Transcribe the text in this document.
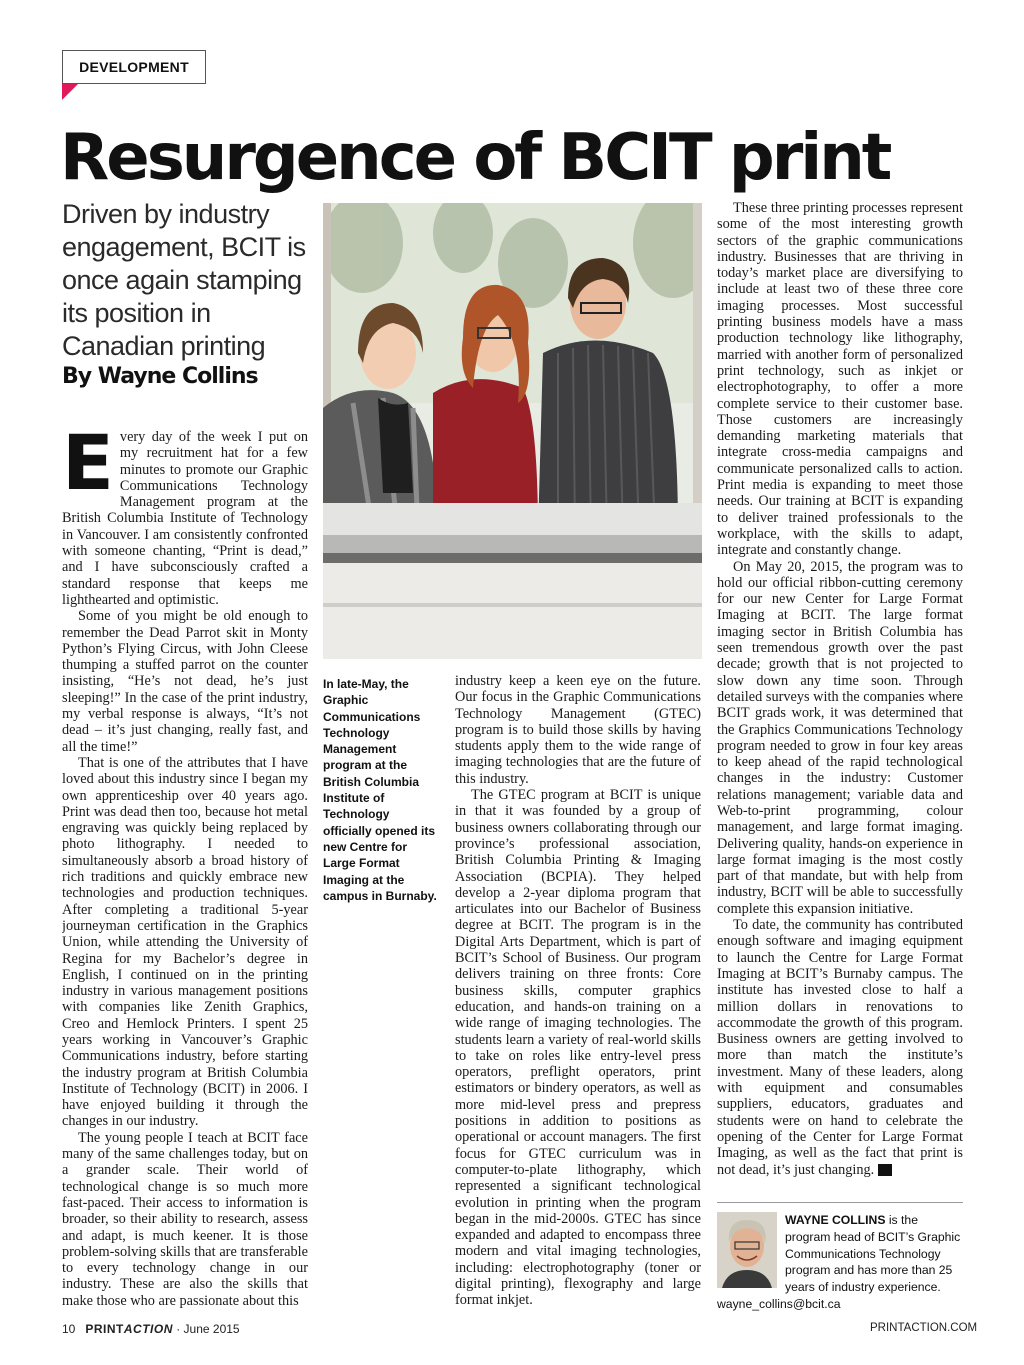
DEVELOPMENT
Resurgence of BCIT print
Driven by industry engagement, BCIT is once again stamping its position in Canadian printing
By Wayne Collins

Every day of the week I put on my recruitment hat for a few minutes to promote our Graphic Communications Technology Management program at the British Columbia Institute of Technology in Vancouver. I am consistently confronted with someone chanting, “Print is dead,” and I have subconsciously crafted a standard response that keeps me lighthearted and optimistic.

Some of you might be old enough to remember the Dead Parrot skit in Monty Python’s Flying Circus, with John Cleese thumping a stuffed parrot on the counter insisting, “He’s not dead, he’s just sleeping!” In the case of the print industry, my verbal response is always, “It’s not dead – it’s just changing, really fast, and all the time!”

That is one of the attributes that I have loved about this industry since I began my own apprenticeship over 40 years ago. Print was dead then too, because hot metal engraving was quickly being replaced by photo lithography. I needed to simultaneously absorb a broad history of rich traditions and quickly embrace new technologies and production techniques. After completing a traditional 5-year journeyman certification in the Graphics Union, while attending the University of Regina for my Bachelor’s degree in English, I continued on in the printing industry in various management positions with companies like Zenith Graphics, Creo and Hemlock Printers. I spent 25 years working in Vancouver’s Graphic Communications industry, before starting the industry program at British Columbia Institute of Technology (BCIT) in 2006. I have enjoyed building it through the changes in our industry.

The young people I teach at BCIT face many of the same challenges today, but on a grander scale. Their world of technological change is so much more fast-paced. Their access to information is broader, so their ability to research, assess and adapt, is much keener. It is those problem-solving skills that are transferable to every technology change in our industry. These are also the skills that make those who are passionate about this

In late-May, the Graphic Communications Technology Management program at the British Columbia Institute of Technology officially opened its new Centre for Large Format Imaging at the campus in Burnaby.

industry keep a keen eye on the future. Our focus in the Graphic Communications Technology Management (GTEC) program is to build those skills by having students apply them to the wide range of imaging technologies that are the future of this industry.

The GTEC program at BCIT is unique in that it was founded by a group of business owners collaborating through our province’s professional association, British Columbia Printing & Imaging Association (BCPIA). They helped develop a 2-year diploma program that articulates into our Bachelor of Business degree at BCIT. The program is in the Digital Arts Department, which is part of BCIT’s School of Business. Our program delivers training on three fronts: Core business skills, computer graphics education, and hands-on training on a wide range of imaging technologies. The students learn a variety of real-world skills to take on roles like entry-level press operators, preflight operators, print estimators or bindery operators, as well as more mid-level press and prepress positions in addition to positions as operational or account managers. The first focus for GTEC curriculum was in computer-to-plate lithography, which represented a significant technological evolution in printing when the program began in the mid-2000s. GTEC has since expanded and adapted to encompass three modern and vital imaging technologies, including: electrophotography (toner or digital printing), flexography and large format inkjet.

These three printing processes represent some of the most interesting growth sectors of the graphic communications industry. Businesses that are thriving in today’s market place are diversifying to include at least two of these three core imaging processes. Most successful printing business models have a mass production technology like lithography, married with another form of personalized print technology, such as inkjet or electrophotography, to offer a more complete service to their customer base. Those customers are increasingly demanding marketing materials that integrate cross-media campaigns and communicate personalized calls to action. Print media is expanding to meet those needs. Our training at BCIT is expanding to deliver trained professionals to the workplace, with the skills to adapt, integrate and constantly change.

On May 20, 2015, the program was to hold our official ribbon-cutting ceremony for our new Center for Large Format Imaging at BCIT. The large format imaging sector in British Columbia has seen tremendous growth over the past decade; growth that is not projected to slow down any time soon. Through detailed surveys with the companies where BCIT grads work, it was determined that the Graphics Communications Technology program needed to grow in four key areas to keep ahead of the rapid technological changes in the industry: Customer relations management; variable data and Web-to-print programming, colour management, and large format imaging. Delivering quality, hands-on experience in large format imaging is the most costly part of that mandate, but with help from industry, BCIT will be able to successfully complete this expansion initiative.

To date, the community has contributed enough software and imaging equipment to launch the Centre for Large Format Imaging at BCIT’s Burnaby campus. The institute has invested close to half a million dollars in renovations to accommodate the growth of this program. Business owners are getting involved to more than match the institute’s investment. Many of these leaders, along with equipment and consumables suppliers, educators, graduates and students were on hand to celebrate the opening of the Center for Large Format Imaging, as well as the fact that print is not dead, it’s just changing. PA

WAYNE COLLINS is the program head of BCIT’s Graphic Communications Technology program and has more than 25 years of industry experience. wayne_collins@bcit.ca
10 PRINTACTION · June 2015	PRINTACTION.COM
